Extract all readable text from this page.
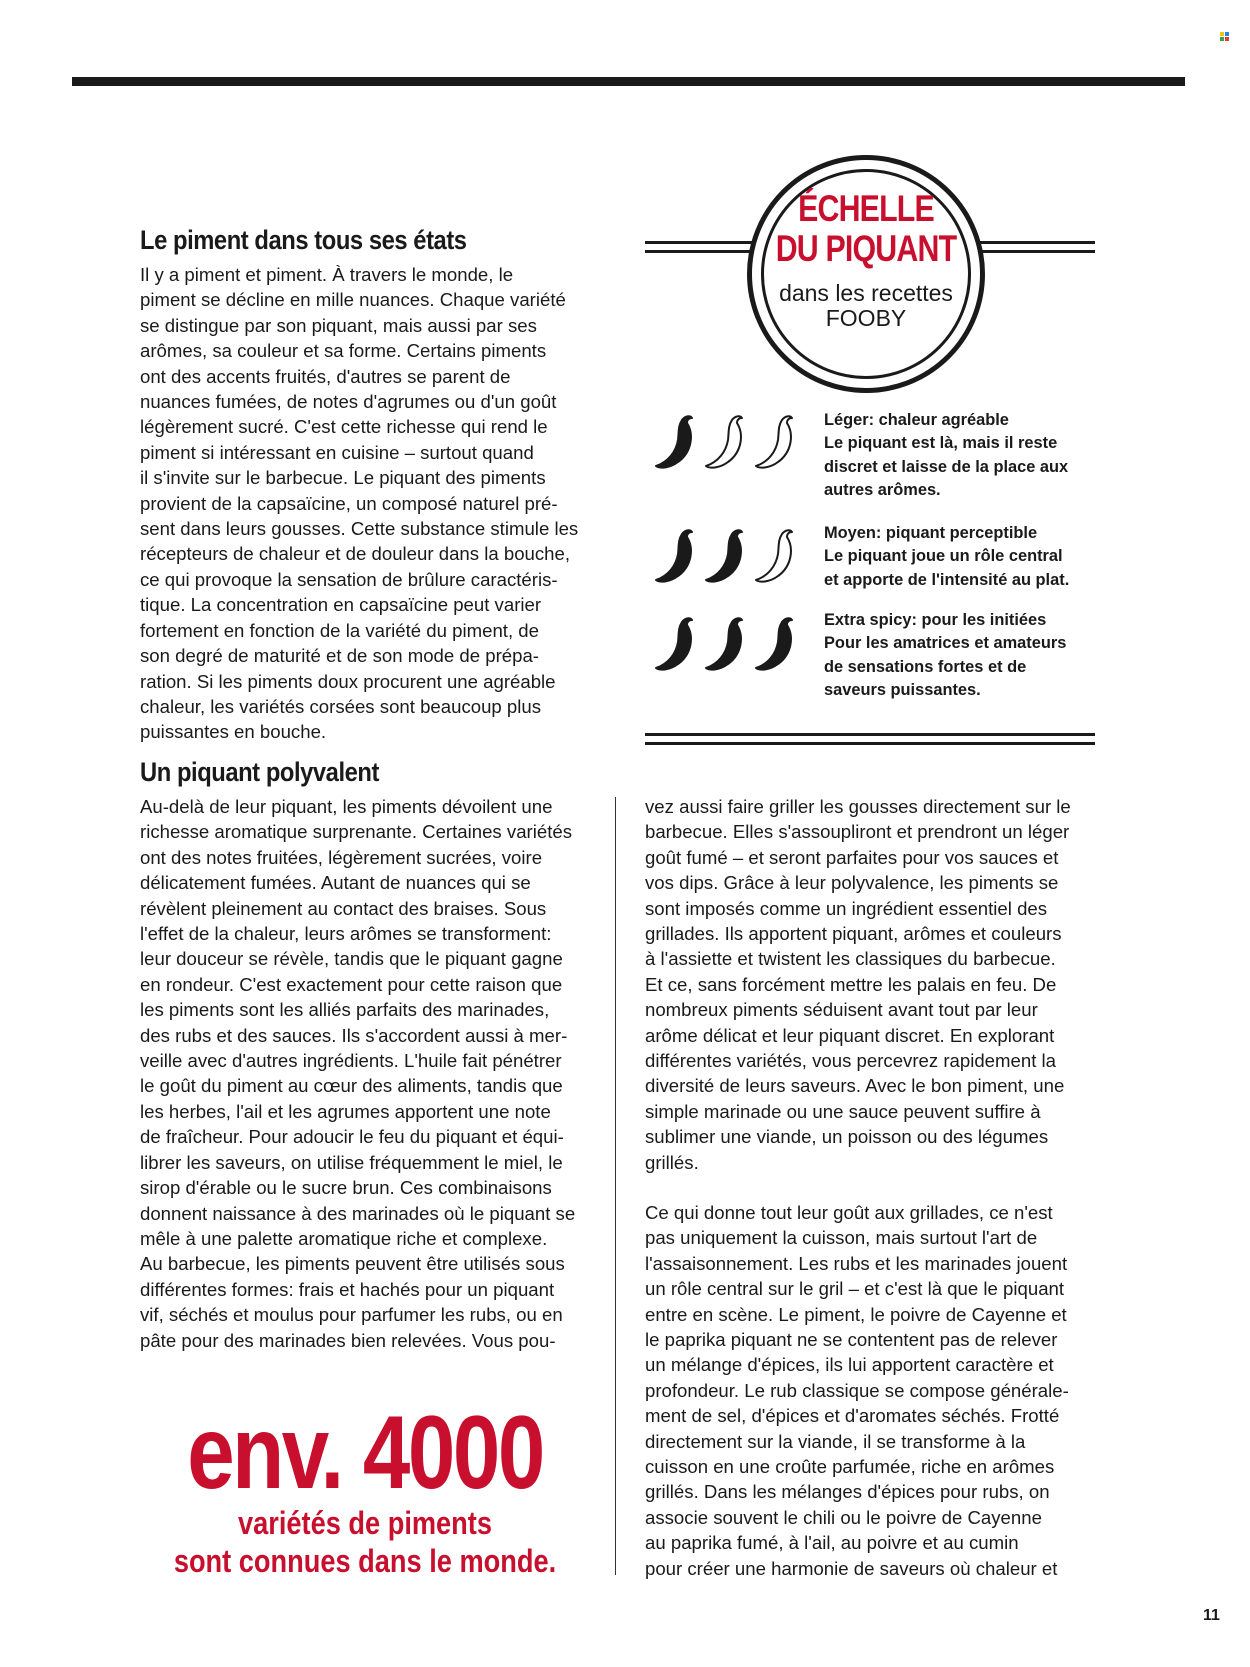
Le piment dans tous ses états
Il y a piment et piment. À travers le monde, le
piment se décline en mille nuances. Chaque variété
se distingue par son piquant, mais aussi par ses
arômes, sa couleur et sa forme. Certains piments
ont des accents fruités, d'autres se parent de
nuances fumées, de notes d'agrumes ou d'un goût
légèrement sucré. C'est cette richesse qui rend le
piment si intéressant en cuisine – surtout quand
il s'invite sur le barbecue. Le piquant des piments
provient de la capsaïcine, un composé naturel pré-
sent dans leurs gousses. Cette substance stimule les
récepteurs de chaleur et de douleur dans la bouche,
ce qui provoque la sensation de brûlure caractéris-
tique. La concentration en capsaïcine peut varier
fortement en fonction de la variété du piment, de
son degré de maturité et de son mode de prépa-
ration. Si les piments doux procurent une agréable
chaleur, les variétés corsées sont beaucoup plus
puissantes en bouche.
Un piquant polyvalent
Au-delà de leur piquant, les piments dévoilent une
richesse aromatique surprenante. Certaines variétés
ont des notes fruitées, légèrement sucrées, voire
délicatement fumées. Autant de nuances qui se
révèlent pleinement au contact des braises. Sous
l'effet de la chaleur, leurs arômes se transforment:
leur douceur se révèle, tandis que le piquant gagne
en rondeur. C'est exactement pour cette raison que
les piments sont les alliés parfaits des marinades,
des rubs et des sauces. Ils s'accordent aussi à mer-
veille avec d'autres ingrédients. L'huile fait pénétrer
le goût du piment au cœur des aliments, tandis que
les herbes, l'ail et les agrumes apportent une note
de fraîcheur. Pour adoucir le feu du piquant et équi-
librer les saveurs, on utilise fréquemment le miel, le
sirop d'érable ou le sucre brun. Ces combinaisons
donnent naissance à des marinades où le piquant se
mêle à une palette aromatique riche et complexe.
Au barbecue, les piments peuvent être utilisés sous
différentes formes: frais et hachés pour un piquant
vif, séchés et moulus pour parfumer les rubs, ou en
pâte pour des marinades bien relevées. Vous pou-
vez aussi faire griller les gousses directement sur le
barbecue. Elles s'assoupliront et prendront un léger
goût fumé – et seront parfaites pour vos sauces et
vos dips. Grâce à leur polyvalence, les piments se
sont imposés comme un ingrédient essentiel des
grillades. Ils apportent piquant, arômes et couleurs
à l'assiette et twistent les classiques du barbecue.
Et ce, sans forcément mettre les palais en feu. De
nombreux piments séduisent avant tout par leur
arôme délicat et leur piquant discret. En explorant
différentes variétés, vous percevrez rapidement la
diversité de leurs saveurs. Avec le bon piment, une
simple marinade ou une sauce peuvent suffire à
sublimer une viande, un poisson ou des légumes
grillés.
Ce qui donne tout leur goût aux grillades, ce n'est
pas uniquement la cuisson, mais surtout l'art de
l'assaisonnement. Les rubs et les marinades jouent
un rôle central sur le gril – et c'est là que le piquant
entre en scène. Le piment, le poivre de Cayenne et
le paprika piquant ne se contentent pas de relever
un mélange d'épices, ils lui apportent caractère et
profondeur. Le rub classique se compose générale-
ment de sel, d'épices et d'aromates séchés. Frotté
directement sur la viande, il se transforme à la
cuisson en une croûte parfumée, riche en arômes
grillés. Dans les mélanges d'épices pour rubs, on
associe souvent le chili ou le poivre de Cayenne
au paprika fumé, à l'ail, au poivre et au cumin
pour créer une harmonie de saveurs où chaleur et
ÉCHELLE
DU PIQUANT
dans les recettes
FOOBY
Léger: chaleur agréable
Le piquant est là, mais il reste
discret et laisse de la place aux
autres arômes.
Moyen: piquant perceptible
Le piquant joue un rôle central
et apporte de l'intensité au plat.
Extra spicy: pour les initiées
Pour les amatrices et amateurs
de sensations fortes et de
saveurs puissantes.
env. 4000
variétés de piments
sont connues dans le monde.
11
